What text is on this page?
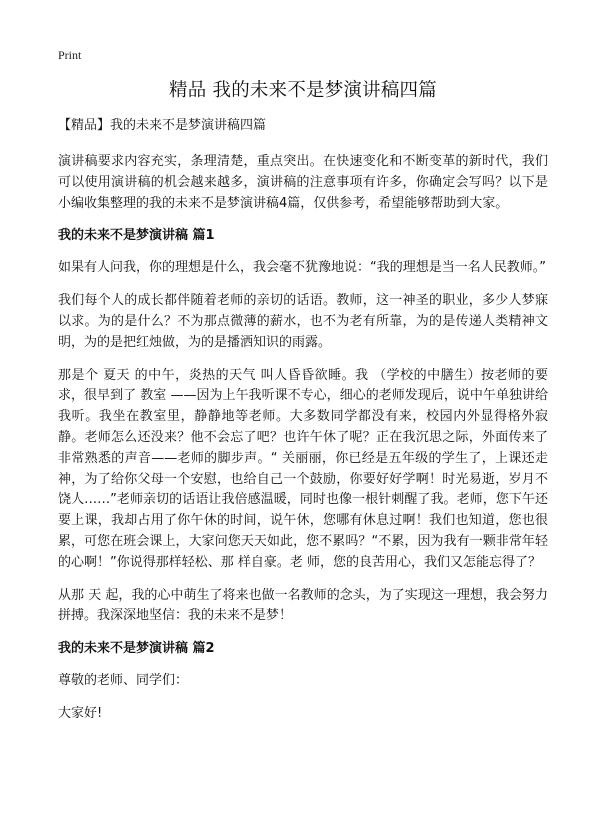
Print
精品 我的未来不是梦演讲稿四篇
【精品】我的未来不是梦演讲稿四篇

演讲稿要求内容充实，条理清楚，重点突出。在快速变化和不断变革的新时代，我们可以使用演讲稿的机会越来越多，演讲稿的注意事项有许多，你确定会写吗？以下是小编收集整理的我的未来不是梦演讲稿4篇，仅供参考，希望能够帮助到大家。

我的未来不是梦演讲稿 篇1

如果有人问我，你的理想是什么，我会毫不犹豫地说：“我的理想是当一名人民教师。”

我们每个人的成长都伴随着老师的亲切的话语。教师，这一神圣的职业，多少人梦寐以求。为的是什么？不为那点微薄的薪水，也不为老有所靠，为的是传递人类精神文明，为的是把红烛做，为的是播洒知识的雨露。

那是个 夏天 的中午，炎热的天气 叫人昏昏欲睡。我 （学校的中膳生）按老师的要求，很早到了 教室 ——因为上午我听课不专心，细心的老师发现后，说中午单独讲给我听。我坐在教室里，静静地等老师。大多数同学都没有来，校园内外显得格外寂静。老师怎么还没来？他不会忘了吧？也许午休了呢？正在我沉思之际，外面传来了非常熟悉的声音——老师的脚步声。“ 关丽丽，你已经是五年级的学生了，上课还走神，为了给你父母一个安慰，也给自己一个鼓励，你要好好学啊！时光易逝，岁月不饶人……”老师亲切的话语让我倍感温暖，同时也像一根针刺醒了我。老师，您下午还要上课，我却占用了你午休的时间，说午休，您哪有休息过啊！我们也知道，您也很累，可您在班会课上，大家问您天天如此，您不累吗？“不累，因为我有一颗非常年轻的心啊！”你说得那样轻松、那 样自豪。老 师，您的良苦用心，我们又怎能忘得了？

从那 天 起，我的心中萌生了将来也做一名教师的念头，为了实现这一理想，我会努力拼搏。我深深地坚信：我的未来不是梦！

我的未来不是梦演讲稿 篇2

尊敬的老师、同学们：

大家好!
